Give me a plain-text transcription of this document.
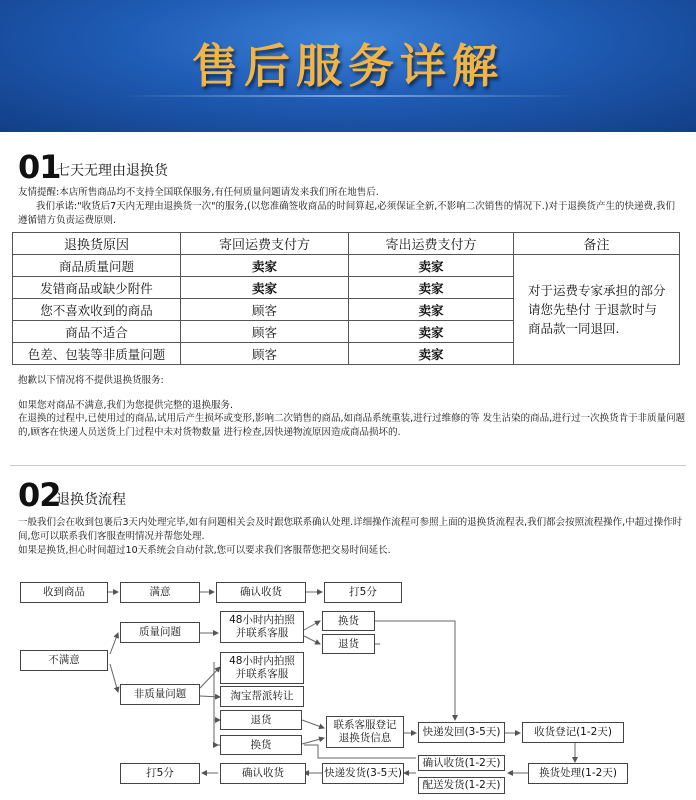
售后服务详解
01
七天无理由退换货
友情提醒:本店所售商品均不支持全国联保服务,有任何质量问题请发来我们所在地售后.
我们承诺:"收货后7天内无理由退换货一次"的服务,(以您准确签收商品的时间算起,必须保证全新,不影响二次销售的情况下.)对于退换货产生的快递费,我们遵循错方负责运费原则.
退换货原因	寄回运费支付方	寄出运费支付方	备注
商品质量问题	卖家	卖家	对于运费专家承担的部分请您先垫付 于退款时与商品款一同退回.
发错商品或缺少附件	卖家	卖家	
您不喜欢收到的商品	顾客	卖家	
商品不适合	顾客	卖家	
色差、包装等非质量问题	顾客	卖家	
抱歉以下情况将不提供退换货服务:
如果您对商品不满意,我们为您提供完整的退换服务.
在退换的过程中,已使用过的商品,试用后产生损坏或变形,影响二次销售的商品,如商品系统重装,进行过维修的等 发生沾染的商品,进行过一次换货肯于非质量问题的,顾客在快递人员送货上门过程中未对货物数量 进行检查,因快递物流原因造成商品损坏的.
02
退换货流程
一般我们会在收到包裹后3天内处理完毕,如有问题相关会及时跟您联系确认处理.详细操作流程可参照上面的退换货流程表,我们都会按照流程操作,中超过操作时间,您可以联系我们客服查明情况并帮您处理.
如果是换货,担心时间超过10天系统会自动付款,您可以要求我们客服帮您把交易时间延长.
收到商品	满意	确认收货	打5分
不满意
质量问题
非质量问题
48小时内拍照并联系客服
换货
退货
48小时内拍照并联系客服
淘宝帮派转让
退货
换货
联系客服登记退换货信息	快递发回(3-5天)	收货登记(1-2天)
确认收货(1-2天)
配送发货(1-2天)
打5分	确认收货	快递发货(3-5天)	换货处理(1-2天)
